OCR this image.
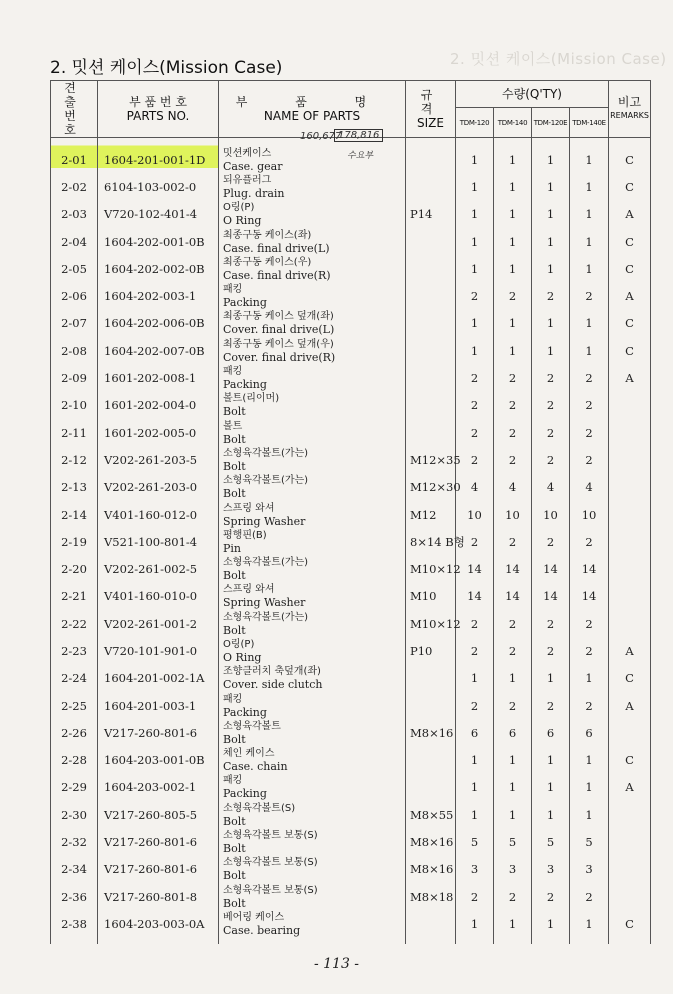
2. 밋션 케이스(Mission Case)
2. 밋션 케이스(Mission Case)
견 출
번 호	부 품 번 호
PARTS NO.	부 품 명
NAME OF PARTS	규 격
SIZE	수량(Q'TY)				비고
REMARKS

				TDM-120	TDM-140	TDM-120E	TDM-140E	
2-01	1604-201-001-1D	밋션케이스
Case. gear		1	1	1	1	C
2-02	6104-103-002-0	되유플러그
Plug. drain		1	1	1	1	C
2-03	V720-102-401-4	O링(P)
O Ring	P14	1	1	1	1	A
2-04	1604-202-001-0B	최종구동 케이스(좌)
Case. final drive(L)		1	1	1	1	C
2-05	1604-202-002-0B	최종구동 케이스(우)
Case. final drive(R)		1	1	1	1	C
2-06	1604-202-003-1	패킹
Packing		2	2	2	2	A
2-07	1604-202-006-0B	최종구동 케이스 덮개(좌)
Cover. final drive(L)		1	1	1	1	C
2-08	1604-202-007-0B	최종구동 케이스 덮개(우)
Cover. final drive(R)		1	1	1	1	C
2-09	1601-202-008-1	패킹
Packing		2	2	2	2	A
2-10	1601-202-004-0	볼트(리이머)
Bolt		2	2	2	2	
2-11	1601-202-005-0	볼트
Bolt		2	2	2	2	
2-12	V202-261-203-5	소형육각볼트(가는)
Bolt	M12×35	2	2	2	2	
2-13	V202-261-203-0	소형육각볼트(가는)
Bolt	M12×30	4	4	4	4	
2-14	V401-160-012-0	스프링 와셔
Spring Washer	M12	10	10	10	10	
2-19	V521-100-801-4	평행핀(B)
Pin	8×14 B형	2	2	2	2	
2-20	V202-261-002-5	소형육각볼트(가는)
Bolt	M10×12	14	14	14	14	
2-21	V401-160-010-0	스프링 와셔
Spring Washer	M10	14	14	14	14	
2-22	V202-261-001-2	소형육각볼트(가는)
Bolt	M10×12	2	2	2	2	
2-23	V720-101-901-0	O링(P)
O Ring	P10	2	2	2	2	A
2-24	1604-201-002-1A	조향클러치 축덮개(좌)
Cover. side clutch		1	1	1	1	C
2-25	1604-201-003-1	패킹
Packing		2	2	2	2	A
2-26	V217-260-801-6	소형육각볼트
Bolt	M8×16	6	6	6	6	
2-28	1604-203-001-0B	체인 케이스
Case. chain		1	1	1	1	C
2-29	1604-203-002-1	패킹
Packing		1	1	1	1	A
2-30	V217-260-805-5	소형육각볼트(S)
Bolt	M8×55	1	1	1	1	
2-32	V217-260-801-6	소형육각볼트 보통(S)
Bolt	M8×16	5	5	5	5	
2-34	V217-260-801-6	소형육각볼트 보통(S)
Bolt	M8×16	3	3	3	3	
2-36	V217-260-801-8	소형육각볼트 보통(S)
Bolt	M8×18	2	2	2	2	
2-38	1604-203-003-0A	베어링 케이스
Case. bearing		1	1	1	1	C
160,677
178,816
수요부
- 113 -
